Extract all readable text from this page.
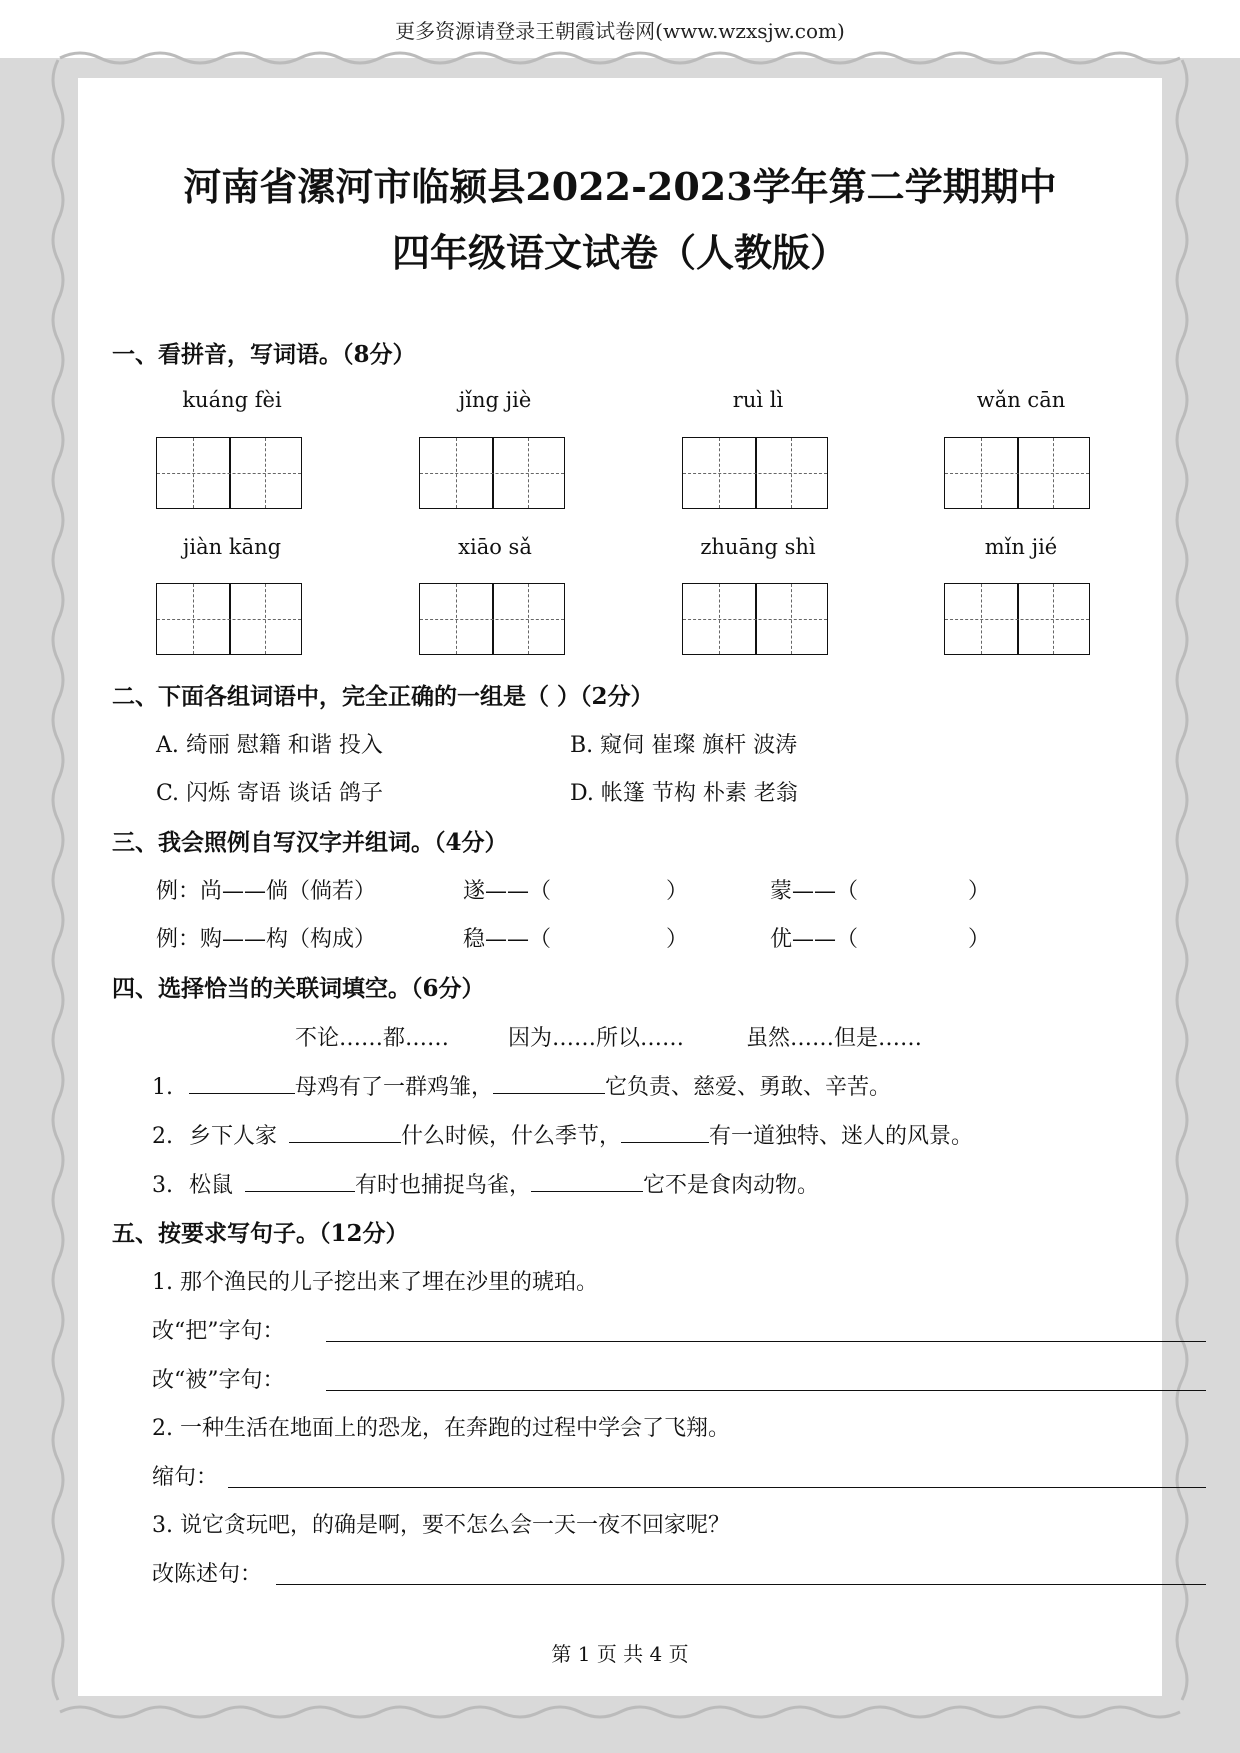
更多资源请登录王朝霞试卷网(www.wzxsjw.com)
河南省漯河市临颍县2022-2023学年第二学期期中
四年级语文试卷（人教版）
一、看拼音，写词语。（8分）
kuáng fèi	jǐng jiè	ruì lì	wǎn cān
jiàn kāng	xiāo sǎ	zhuāng shì	mǐn jié
二、下面各组词语中，完全正确的一组是（ ）（2分）
A. 绮丽 慰籍 和谐 投入	B. 窥伺 崔璨 旗杆 波涛
C. 闪烁 寄语 谈话 鸽子	D. 帐篷 节构 朴素 老翁
三、我会照例自写汉字并组词。（4分）
例：尚——倘（倘若）	遂——（	）	蒙——（	）
例：购——构（构成）	稳——（	）	优——（	）
四、选择恰当的关联词填空。（6分）
不论……都……	因为……所以……	虽然……但是……
1.	母鸡有了一群鸡雏，	它负责、慈爱、勇敢、辛苦。
2. 乡下人家	什么时候，什么季节，	有一道独特、迷人的风景。
3. 松鼠	有时也捕捉鸟雀，	它不是食肉动物。
五、按要求写句子。（12分）
1. 那个渔民的儿子挖出来了埋在沙里的琥珀。
改“把”字句：
改“被”字句：
2. 一种生活在地面上的恐龙，在奔跑的过程中学会了飞翔。
缩句：
3. 说它贪玩吧，的确是啊，要不怎么会一天一夜不回家呢？
改陈述句：
第 1 页 共 4 页
